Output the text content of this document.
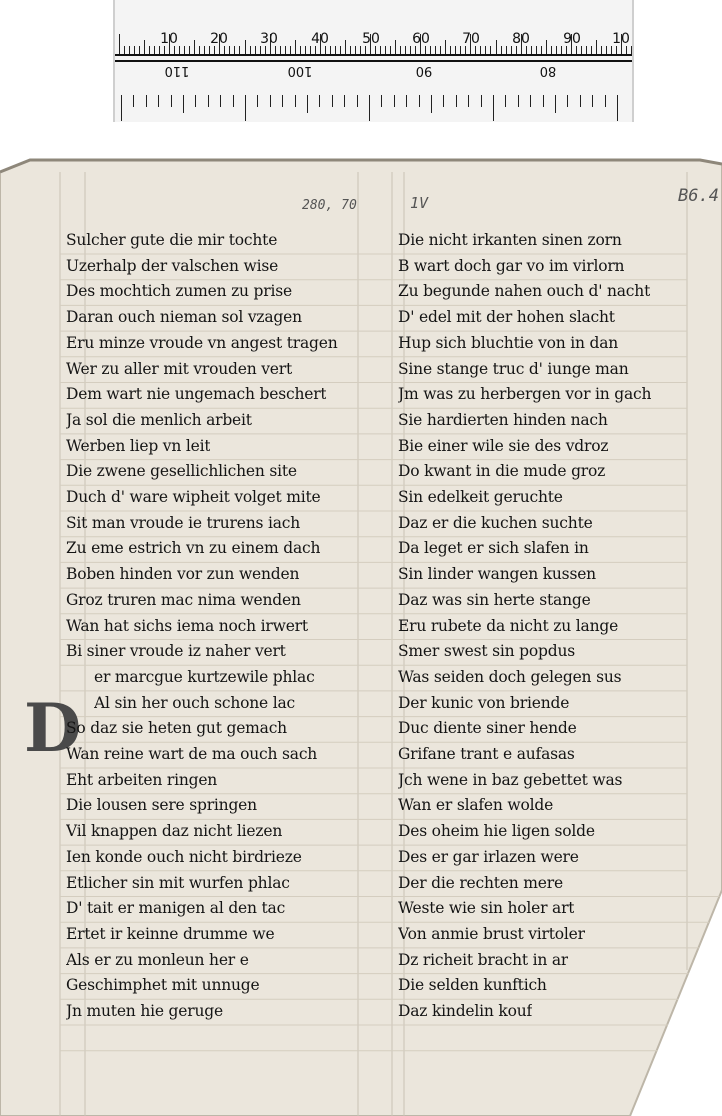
10 20 30 40 50 60 70 80 90 10
110	100	90	80
280, 70	1V	B6.4
D
Sulcher gute die mir tochte
Uzerhalp der valschen wise
Des mochtich zumen zu prise
Daran ouch nieman sol vzagen
Eru minze vroude vn angest tragen
Wer zu aller mit vrouden vert
Dem wart nie ungemach beschert
Ja sol die menlich arbeit
Werben liep vn leit
Die zwene gesellichlichen site
Duch d' ware wipheit volget mite
Sit man vroude ie trurens iach
Zu eme estrich vn zu einem dach
Boben hinden vor zun wenden
Groz truren mac nima wenden
Wan hat sichs iema noch irwert
Bi siner vroude iz naher vert
er marcgue kurtzewile phlac
Al sin her ouch schone lac
So daz sie heten gut gemach
Wan reine wart de ma ouch sach
Eht arbeiten ringen
Die lousen sere springen
Vil knappen daz nicht liezen
Ien konde ouch nicht birdrieze
Etlicher sin mit wurfen phlac
D' tait er manigen al den tac
Ertet ir keinne drumme we
Als er zu monleun her e
Geschimphet mit unnuge
Jn muten hie geruge
Die nicht irkanten sinen zorn
B wart doch gar vo im virlorn
Zu begunde nahen ouch d' nacht
D' edel mit der hohen slacht
Hup sich bluchtie von in dan
Sine stange truc d' iunge man
Jm was zu herbergen vor in gach
Sie hardierten hinden nach
Bie einer wile sie des vdroz
Do kwant in die mude groz
Sin edelkeit geruchte
Daz er die kuchen suchte
Da leget er sich slafen in
Sin linder wangen kussen
Daz was sin herte stange
Eru rubete da nicht zu lange
Smer swest sin popdus
Was seiden doch gelegen sus
Der kunic von briende
Duc diente siner hende
Grifane trant e aufasas
Jch wene in baz gebettet was
Wan er slafen wolde
Des oheim hie ligen solde
Des er gar irlazen were
Der die rechten mere
Weste wie sin holer art
Von anmie brust virtoler
Dz richeit bracht in ar
Die selden kunftich
Daz kindelin kouf
